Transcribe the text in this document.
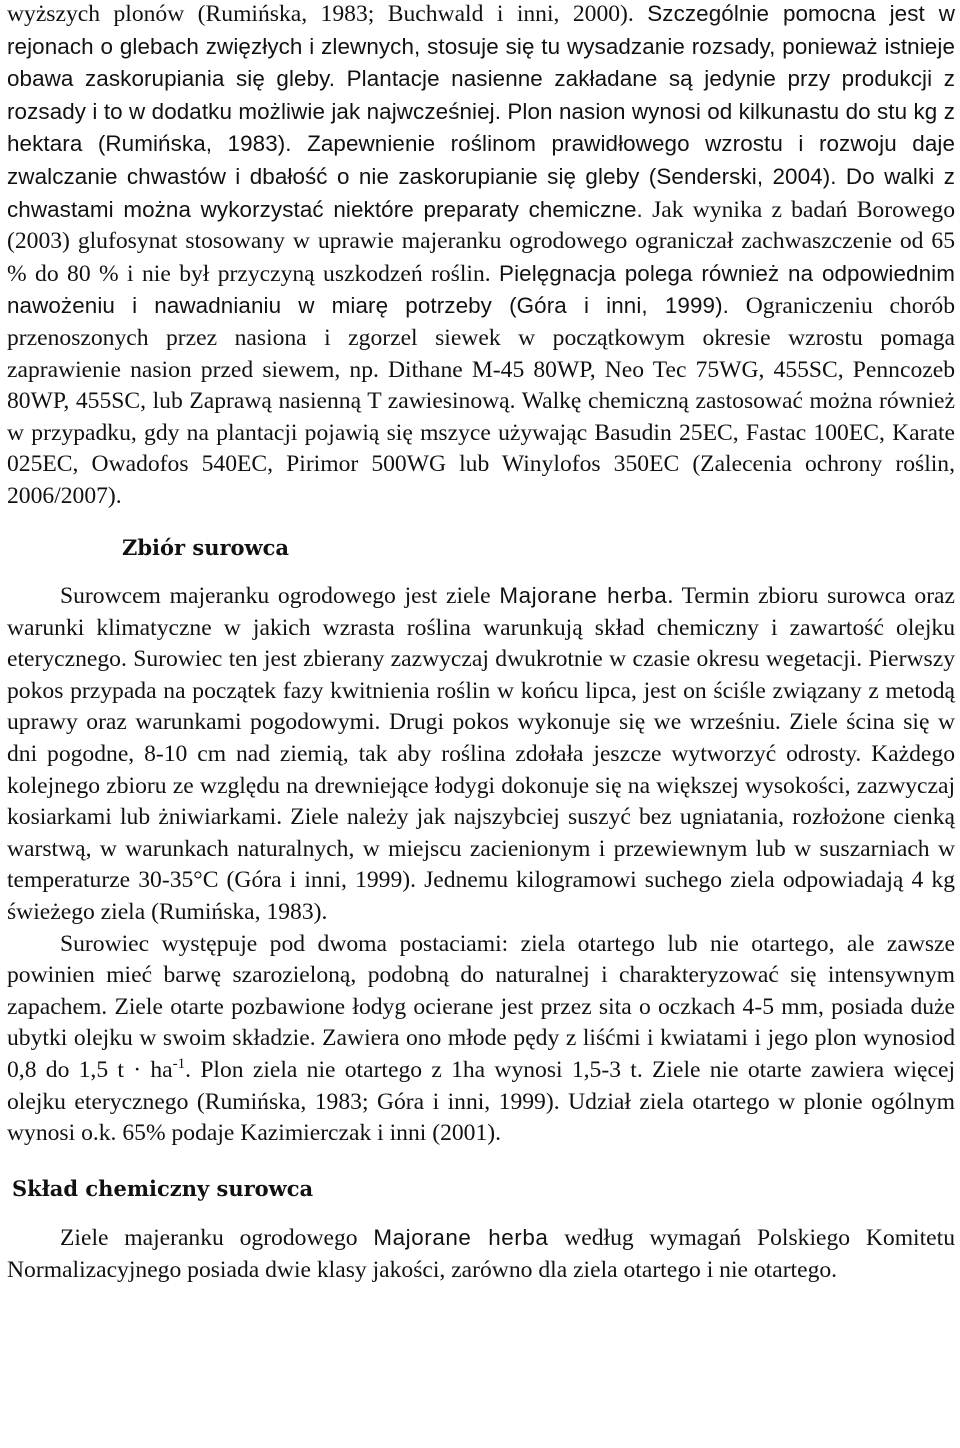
wyższych plonów (Rumińska, 1983; Buchwald i inni, 2000). Szczególnie pomocna jest w rejonach o glebach zwięzłych i zlewnych, stosuje się tu wysadzanie rozsady, ponieważ istnieje obawa zaskorupiania się gleby. Plantacje nasienne zakładane są jedynie przy produkcji z rozsady i to w dodatku możliwie jak najwcześniej. Plon nasion wynosi od kilkunastu do stu kg z hektara (Rumińska, 1983). Zapewnienie roślinom prawidłowego wzrostu i rozwoju daje zwalczanie chwastów i dbałość o nie zaskorupianie się gleby (Senderski, 2004). Do walki z chwastami można wykorzystać niektóre preparaty chemiczne. Jak wynika z badań Borowego (2003) glufosynat stosowany w uprawie majeranku ogrodowego ograniczał zachwaszczenie od 65 % do 80 % i nie był przyczyną uszkodzeń roślin. Pielęgnacja polega również na odpowiednim nawożeniu i nawadnianiu w miarę potrzeby (Góra i inni, 1999). Ograniczeniu chorób przenoszonych przez nasiona i zgorzel siewek w początkowym okresie wzrostu pomaga zaprawienie nasion przed siewem, np. Dithane M-45 80WP, Neo Tec 75WG, 455SC, Penncozeb 80WP, 455SC, lub Zaprawą nasienną T zawiesinową. Walkę chemiczną zastosować można również w przypadku, gdy na plantacji pojawią się mszyce używając Basudin 25EC, Fastac 100EC, Karate 025EC, Owadofos 540EC, Pirimor 500WG lub Winylofos 350EC (Zalecenia ochrony roślin, 2006/2007).

Zbiór surowca

Surowcem majeranku ogrodowego jest ziele Majorane herba. Termin zbioru surowca oraz warunki klimatyczne w jakich wzrasta roślina warunkują skład chemiczny i zawartość olejku eterycznego. Surowiec ten jest zbierany zazwyczaj dwukrotnie w czasie okresu wegetacji. Pierwszy pokos przypada na początek fazy kwitnienia roślin w końcu lipca, jest on ściśle związany z metodą uprawy oraz warunkami pogodowymi. Drugi pokos wykonuje się we wrześniu. Ziele ścina się w dni pogodne, 8-10 cm nad ziemią, tak aby roślina zdołała jeszcze wytworzyć odrosty. Każdego kolejnego zbioru ze względu na drewniejące łodygi dokonuje się na większej wysokości, zazwyczaj kosiarkami lub żniwiarkami. Ziele należy jak najszybciej suszyć bez ugniatania, rozłożone cienką warstwą, w warunkach naturalnych, w miejscu zacienionym i przewiewnym lub w suszarniach w temperaturze 30-35°C (Góra i inni, 1999). Jednemu kilogramowi suchego ziela odpowiadają 4 kg świeżego ziela (Rumińska, 1983).

Surowiec występuje pod dwoma postaciami: ziela otartego lub nie otartego, ale zawsze powinien mieć barwę szarozieloną, podobną do naturalnej i charakteryzować się intensywnym zapachem. Ziele otarte pozbawione łodyg ocierane jest przez sita o oczkach 4-5 mm, posiada duże ubytki olejku w swoim składzie. Zawiera ono młode pędy z liśćmi i kwiatami i jego plon wynosiod 0,8 do 1,5 $t \cdot ha^{-1}$. Plon ziela nie otartego z 1ha wynosi 1,5-3 t. Ziele nie otarte zawiera więcej olejku eterycznego (Rumińska, 1983; Góra i inni, 1999). Udział ziela otartego w plonie ogólnym wynosi o.k. 65% podaje Kazimierczak i inni (2001).

Skład chemiczny surowca

Ziele majeranku ogrodowego Majorane herba według wymagań Polskiego Komitetu Normalizacyjnego posiada dwie klasy jakości, zarówno dla ziela otartego i nie otartego.
